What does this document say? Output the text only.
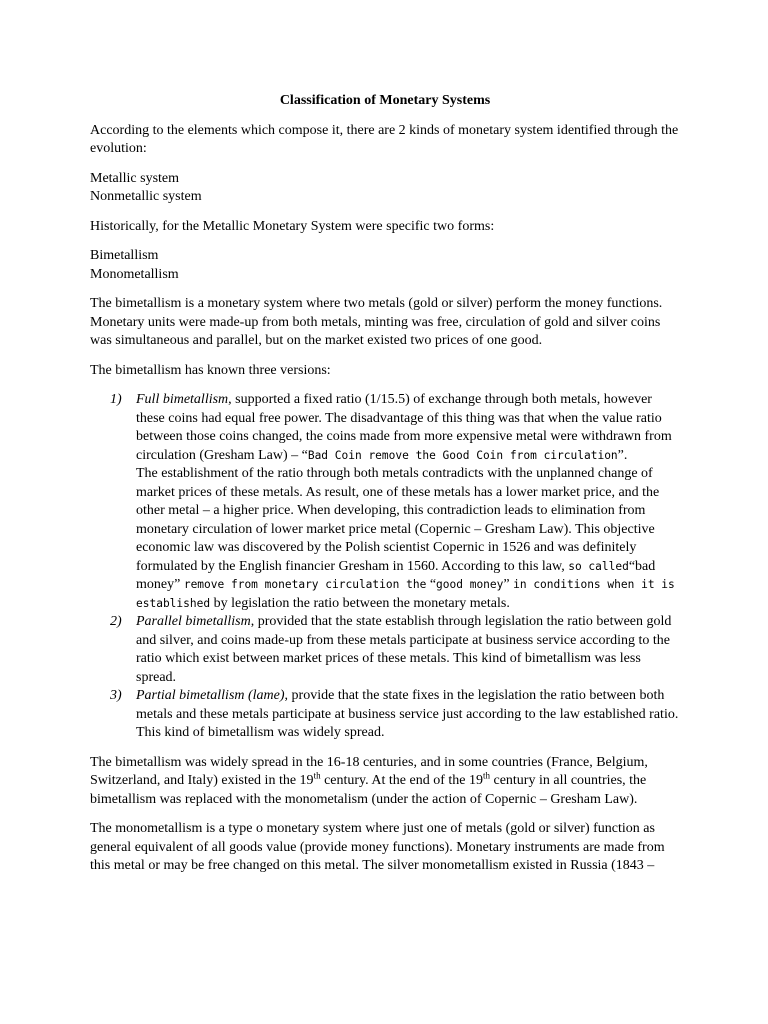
Classification of Monetary Systems

According to the elements which compose it, there are 2 kinds of monetary system identified through the evolution:

Metallic system
Nonmetallic system

Historically, for the Metallic Monetary System were specific two forms:

Bimetallism
Monometallism

The bimetallism is a monetary system where two metals (gold or silver) perform the money functions. Monetary units were made-up from both metals, minting was free, circulation of gold and silver coins was simultaneous and parallel, but on the market existed two prices of one good.

The bimetallism has known three versions:

1) Full bimetallism, supported a fixed ratio (1/15.5) of exchange through both metals, however these coins had equal free power. The disadvantage of this thing was that when the value ratio between those coins changed, the coins made from more expensive metal were withdrawn from circulation (Gresham Law) – “Bad Coin remove the Good Coin from circulation”.
The establishment of the ratio through both metals contradicts with the unplanned change of market prices of these metals. As result, one of these metals has a lower market price, and the other metal – a higher price. When developing, this contradiction leads to elimination from monetary circulation of lower market price metal (Copernic – Gresham Law). This objective economic law was discovered by the Polish scientist Copernic in 1526 and was definitely formulated by the English financier Gresham in 1560. According to this law, so called“bad money” remove from monetary circulation the “good money” in conditions when it is established by legislation the ratio between the monetary metals.
2) Parallel bimetallism, provided that the state establish through legislation the ratio between gold and silver, and coins made-up from these metals participate at business service according to the ratio which exist between market prices of these metals. This kind of bimetallism was less spread.
3) Partial bimetallism (lame), provide that the state fixes in the legislation the ratio between both metals and these metals participate at business service just according to the law established ratio. This kind of bimetallism was widely spread.

The bimetallism was widely spread in the 16-18 centuries, and in some countries (France, Belgium, Switzerland, and Italy) existed in the 19th century. At the end of the 19th century in all countries, the bimetallism was replaced with the monometalism (under the action of Copernic – Gresham Law).

The monometallism is a type o monetary system where just one of metals (gold or silver) function as general equivalent of all goods value (provide money functions). Monetary instruments are made from this metal or may be free changed on this metal. The silver monometallism existed in Russia (1843 –
